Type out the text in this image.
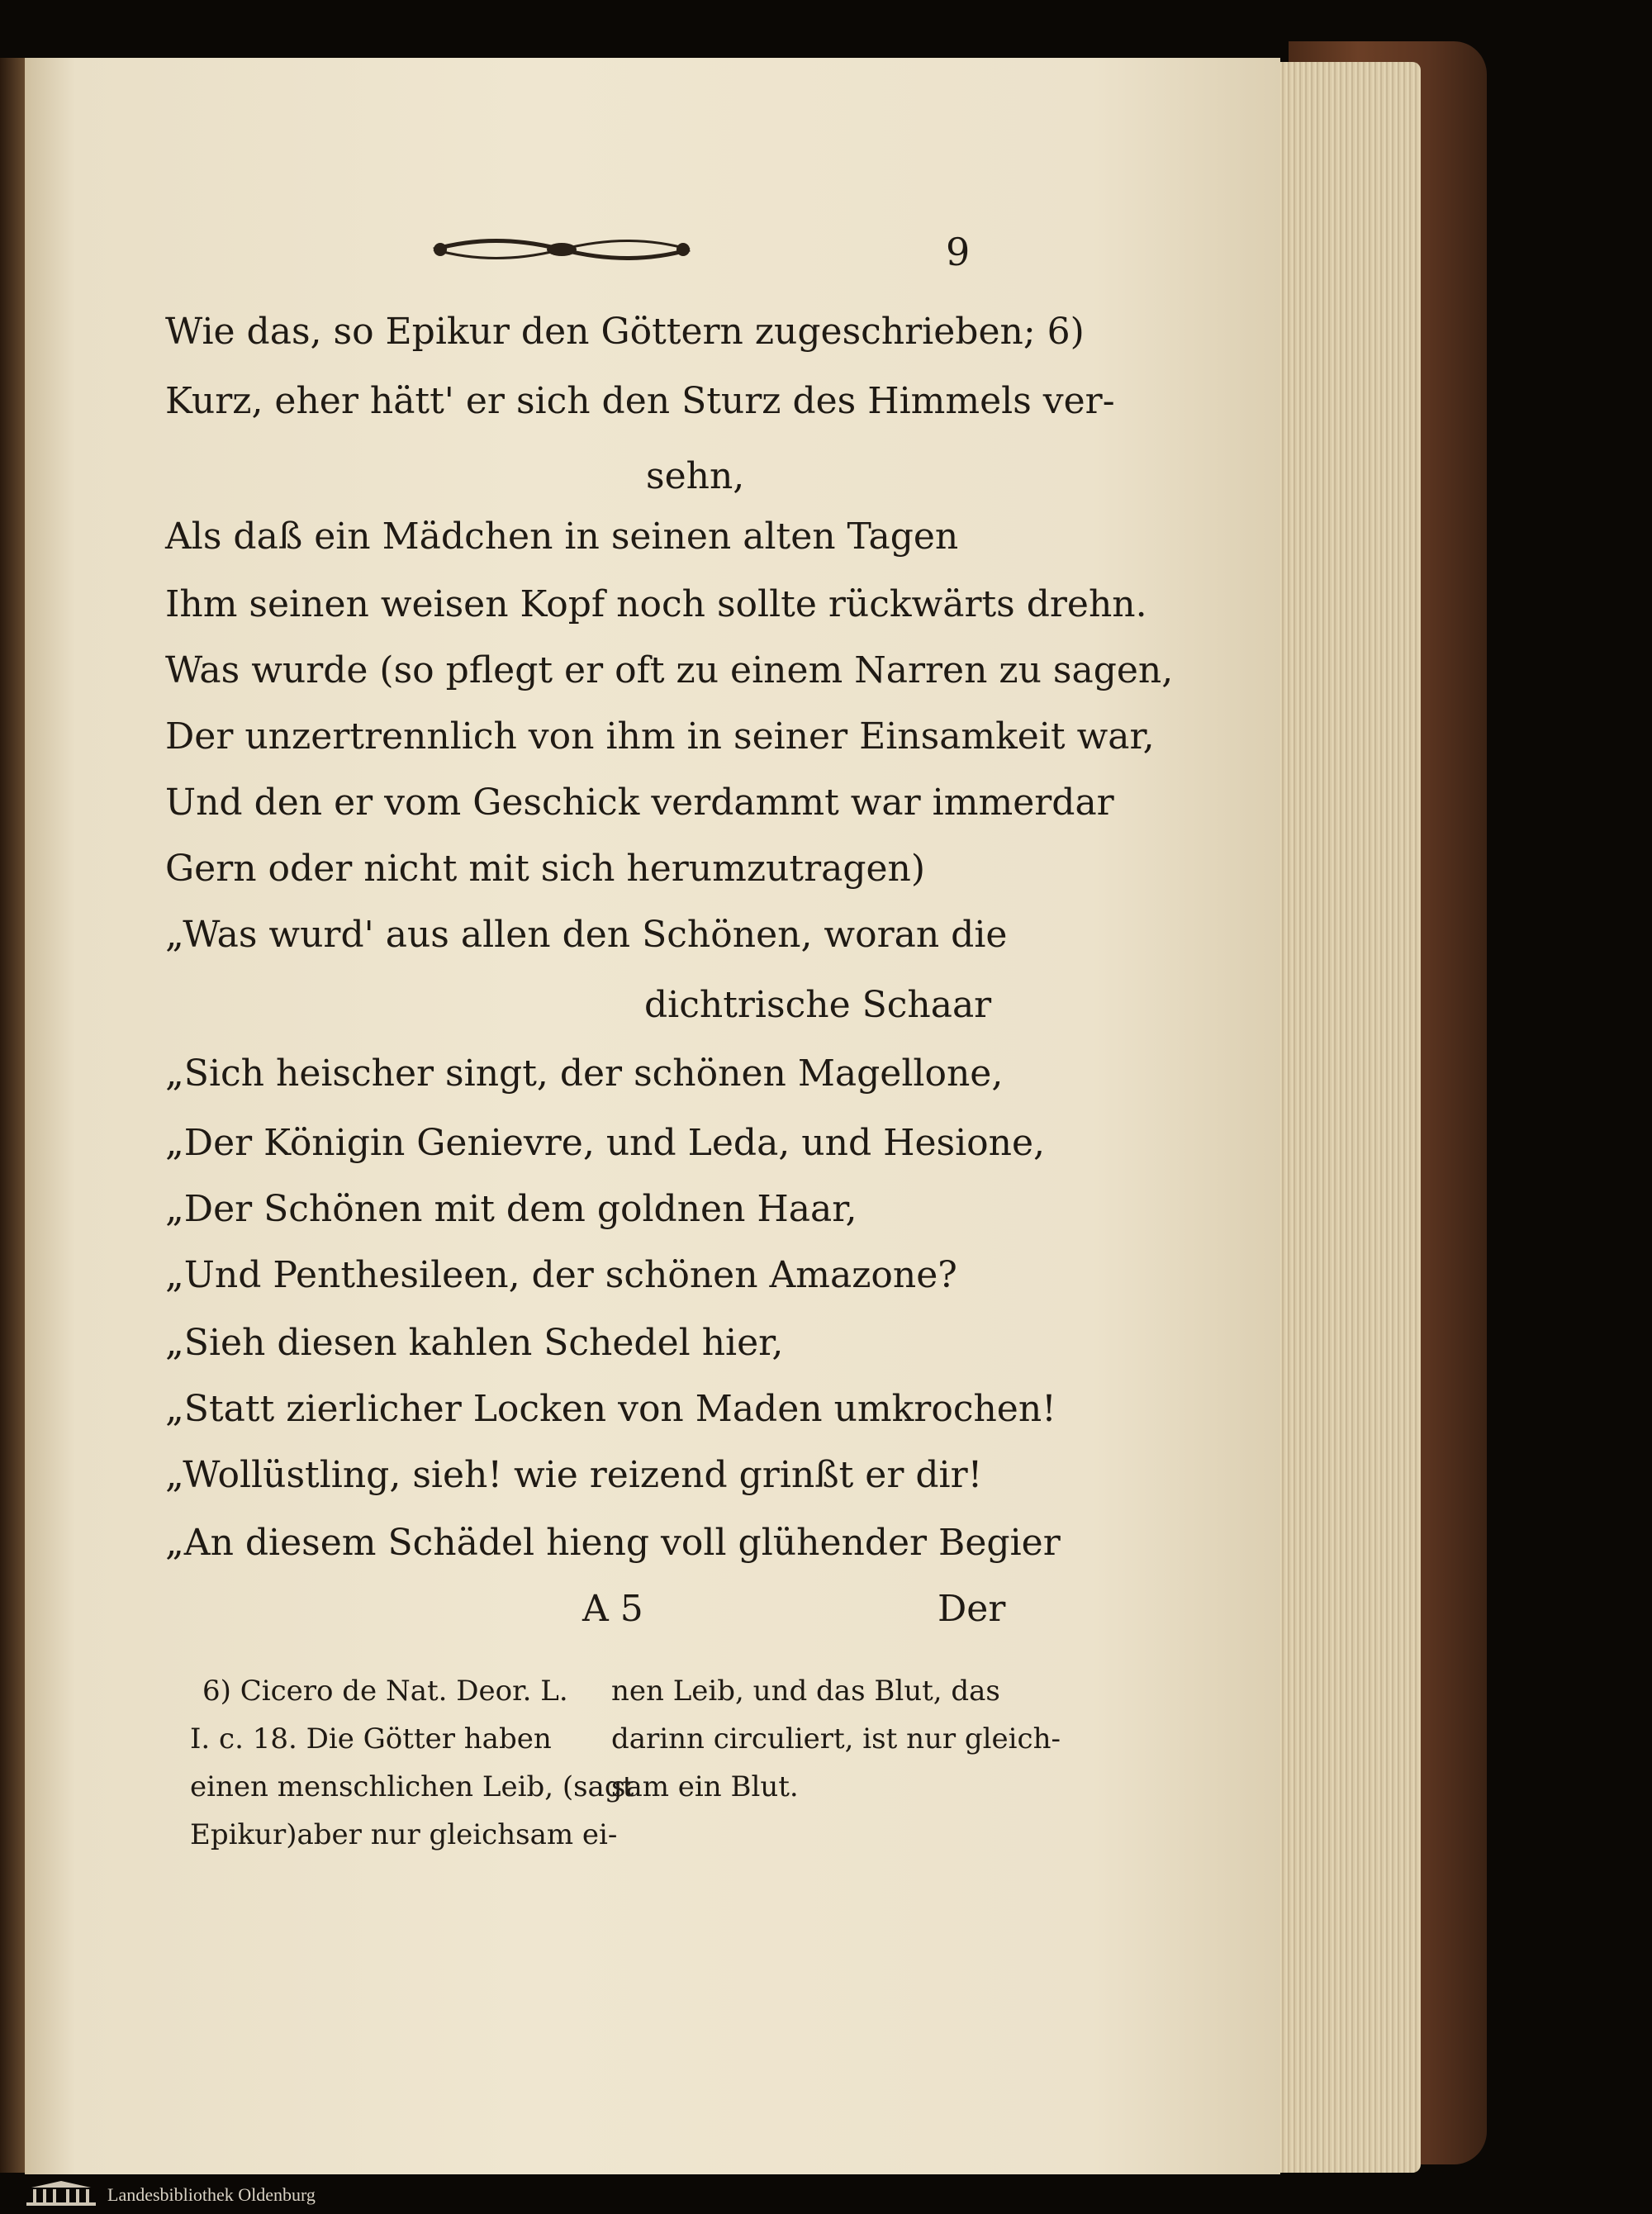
9
Wie das, so Epikur den Göttern zugeschrieben; 6)
Kurz, eher hätt' er sich den Sturz des Himmels ver-
sehn,
Als daß ein Mädchen in seinen alten Tagen
Ihm seinen weisen Kopf noch sollte rückwärts drehn.
Was wurde (so pflegt er oft zu einem Narren zu sagen,
Der unzertrennlich von ihm in seiner Einsamkeit war,
Und den er vom Geschick verdammt war immerdar
Gern oder nicht mit sich herumzutragen)
„Was wurd' aus allen den Schönen, woran die
dichtrische Schaar
„Sich heischer singt, der schönen Magellone,
„Der Königin Genievre, und Leda, und Hesione,
„Der Schönen mit dem goldnen Haar,
„Und Penthesileen, der schönen Amazone?
„Sieh diesen kahlen Schedel hier,
„Statt zierlicher Locken von Maden umkrochen!
„Wollüstling, sieh! wie reizend grinßt er dir!
„An diesem Schädel hieng voll glühender Begier
A 5	Der
6) Cicero de Nat. Deor. L.
I. c. 18. Die Götter haben
einen menschlichen Leib, (sagt
Epikur)aber nur gleichsam ei-
nen Leib, und das Blut, das
darinn circuliert, ist nur gleich-
sam ein Blut.
Landesbibliothek Oldenburg
